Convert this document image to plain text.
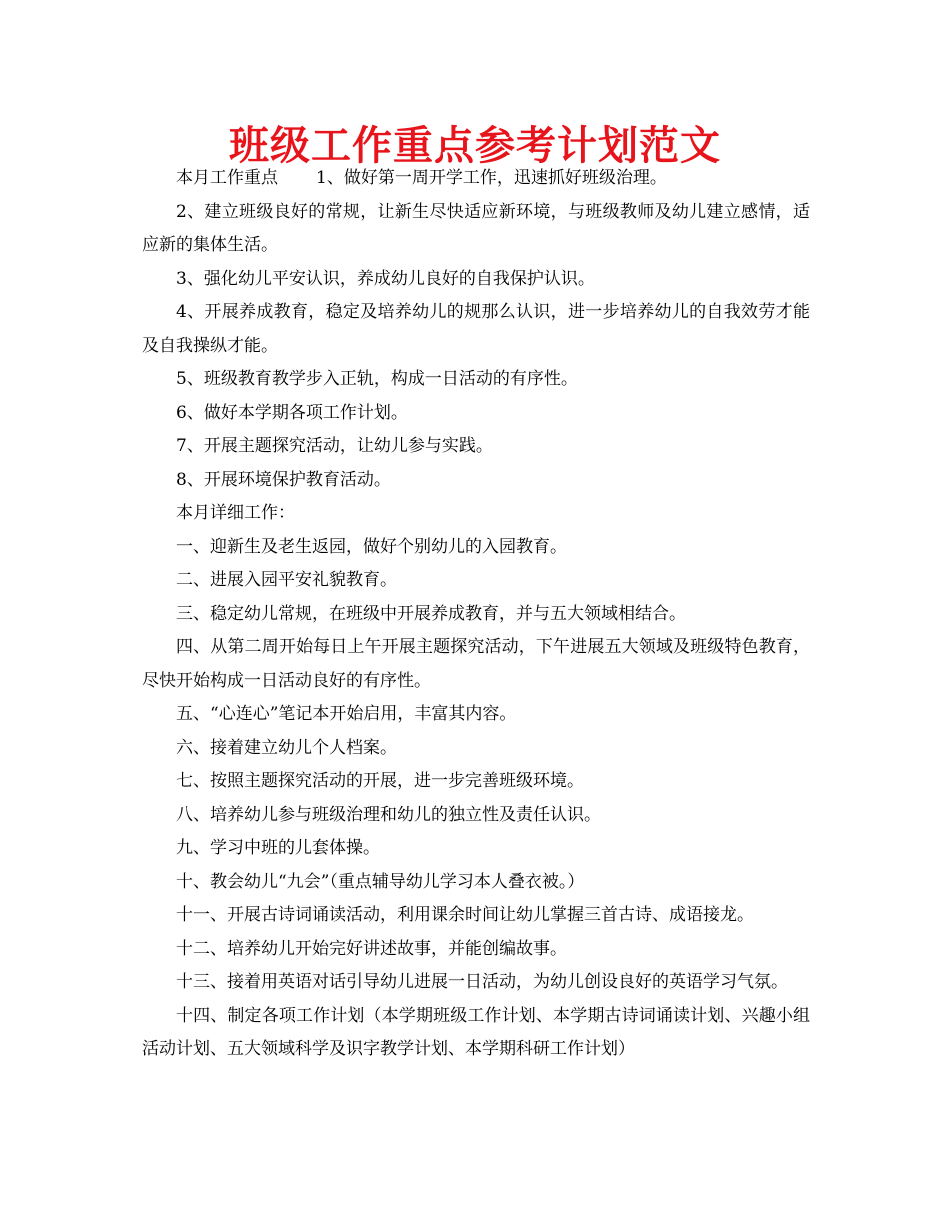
班级工作重点参考计划范文

本月工作重点 1、做好第一周开学工作，迅速抓好班级治理。

2、建立班级良好的常规，让新生尽快适应新环境，与班级教师及幼儿建立感情，适应新的集体生活。

3、强化幼儿平安认识，养成幼儿良好的自我保护认识。

4、开展养成教育，稳定及培养幼儿的规那么认识，进一步培养幼儿的自我效劳才能及自我操纵才能。

5、班级教育教学步入正轨，构成一日活动的有序性。

6、做好本学期各项工作计划。

7、开展主题探究活动，让幼儿参与实践。

8、开展环境保护教育活动。

本月详细工作：

一、迎新生及老生返园，做好个别幼儿的入园教育。

二、进展入园平安礼貌教育。

三、稳定幼儿常规，在班级中开展养成教育，并与五大领域相结合。

四、从第二周开始每日上午开展主题探究活动，下午进展五大领域及班级特色教育，尽快开始构成一日活动良好的有序性。

五、“心连心”笔记本开始启用，丰富其内容。

六、接着建立幼儿个人档案。

七、按照主题探究活动的开展，进一步完善班级环境。

八、培养幼儿参与班级治理和幼儿的独立性及责任认识。

九、学习中班的儿套体操。

十、教会幼儿“九会”（重点辅导幼儿学习本人叠衣被。）

十一、开展古诗词诵读活动，利用课余时间让幼儿掌握三首古诗、成语接龙。

十二、培养幼儿开始完好讲述故事，并能创编故事。

十三、接着用英语对话引导幼儿进展一日活动，为幼儿创设良好的英语学习气氛。

十四、制定各项工作计划（本学期班级工作计划、本学期古诗词诵读计划、兴趣小组活动计划、五大领域科学及识字教学计划、本学期科研工作计划）
